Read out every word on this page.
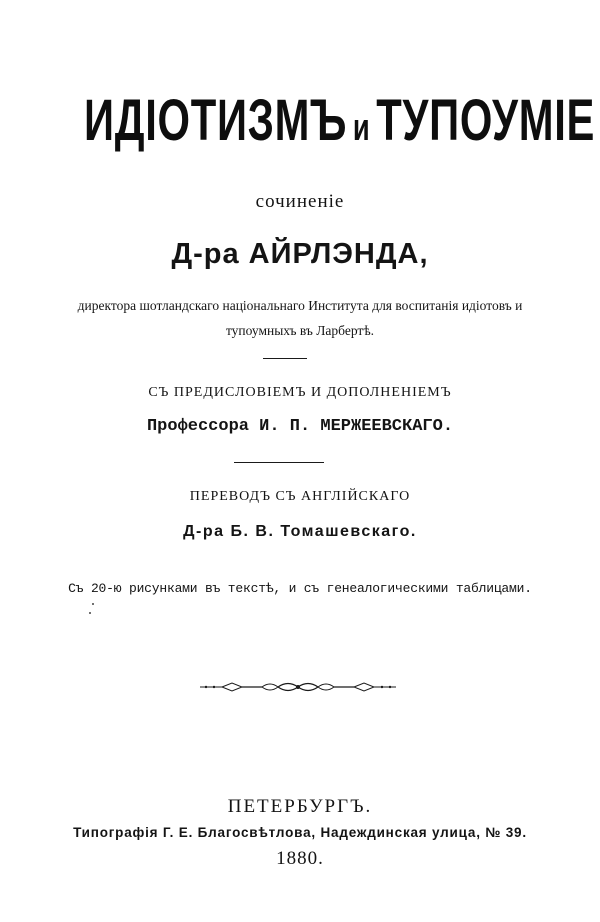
ИДІОТИЗМЪ иТУПОУМІЕ
сочиненіе
Д-ра АЙРЛЭНДА,
директора шотландскаго національнаго Института для воспитанія идіотовъ и
тупоумныхъ въ Ларбертѣ.
СЪ ПРЕДИСЛОВІЕМЪ И ДОПОЛНЕНІЕМЪ
Профессора И. П. МЕРЖЕЕВСКАГО.
ПЕРЕВОДЪ СЪ АНГЛІЙСКАГО
Д-ра Б. В. Томашевскаго.
Съ 20-ю рисунками въ текстѣ, и съ генеалогическими таблицами.
ПЕТЕРБУРГЪ.
Типографія Г. Е. Благосвѣтлова, Надеждинская улица, № 39.
1880.
